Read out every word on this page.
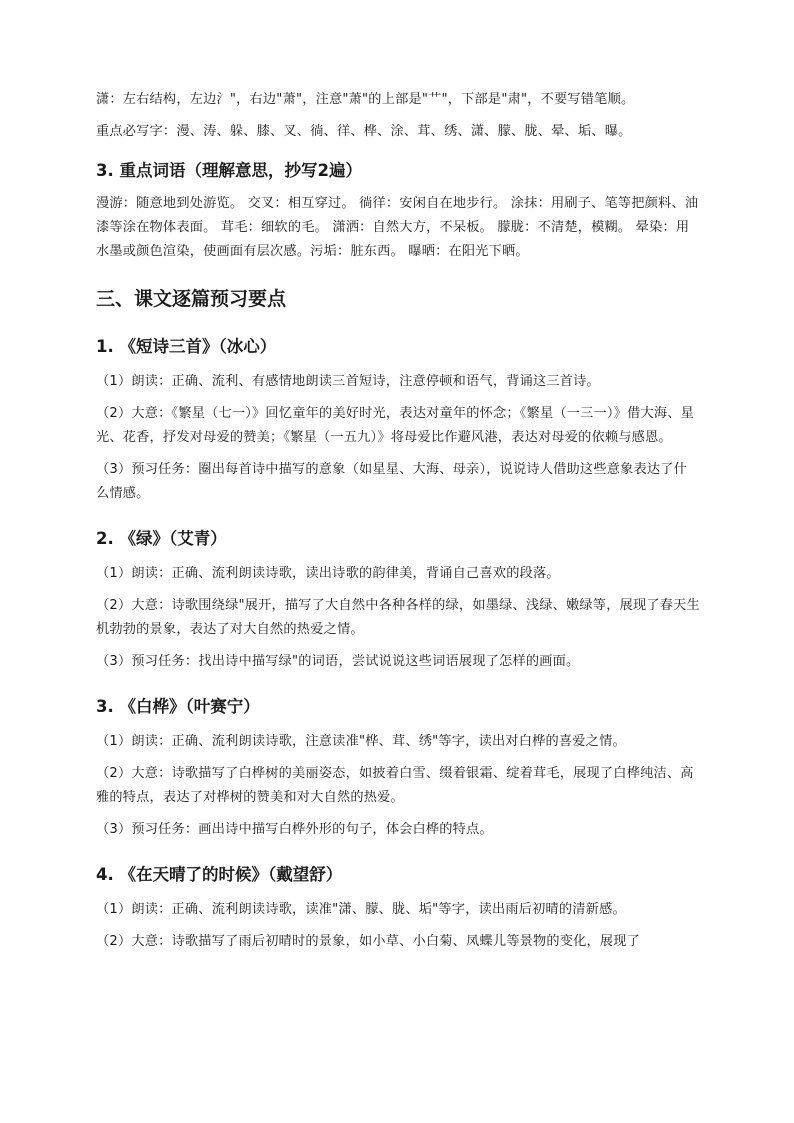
潇：左右结构，左边氵"，右边"萧"，注意"萧"的上部是"艹"，下部是"肃"，不要写错笔顺。

重点必写字：漫、涛、躲、膝、叉、徜、徉、桦、涂、茸、绣、潇、朦、胧、晕、垢、曝。

3. 重点词语（理解意思，抄写2遍）

漫游：随意地到处游览。 交叉：相互穿过。 徜徉：安闲自在地步行。 涂抹：用刷子、笔等把颜料、油漆等涂在物体表面。 茸毛：细软的毛。 潇洒：自然大方，不呆板。 朦胧：不清楚，模糊。 晕染：用水墨或颜色渲染，使画面有层次感。污垢：脏东西。 曝晒：在阳光下晒。

三、课文逐篇预习要点
1. 《短诗三首》（冰心）

（1）朗读：正确、流利、有感情地朗读三首短诗，注意停顿和语气，背诵这三首诗。

（2）大意：《繁星（七一）》回忆童年的美好时光，表达对童年的怀念；《繁星（一三一）》借大海、星光、花香，抒发对母爱的赞美；《繁星（一五九）》将母爱比作避风港，表达对母爱的依赖与感恩。

（3）预习任务：圈出每首诗中描写的意象（如星星、大海、母亲），说说诗人借助这些意象表达了什么情感。

2. 《绿》（艾青）

（1）朗读：正确、流利朗读诗歌，读出诗歌的韵律美，背诵自己喜欢的段落。

（2）大意：诗歌围绕绿"展开，描写了大自然中各种各样的绿，如墨绿、浅绿、嫩绿等，展现了春天生机勃勃的景象，表达了对大自然的热爱之情。

（3）预习任务：找出诗中描写绿"的词语，尝试说说这些词语展现了怎样的画面。

3. 《白桦》（叶赛宁）

（1）朗读：正确、流利朗读诗歌，注意读准"桦、茸、绣"等字，读出对白桦的喜爱之情。

（2）大意：诗歌描写了白桦树的美丽姿态，如披着白雪、缀着银霜、绽着茸毛，展现了白桦纯洁、高雅的特点，表达了对桦树的赞美和对大自然的热爱。

（3）预习任务：画出诗中描写白桦外形的句子，体会白桦的特点。

4. 《在天晴了的时候》（戴望舒）

（1）朗读：正确、流利朗读诗歌，读准"潇、朦、胧、垢"等字，读出雨后初晴的清新感。

（2）大意：诗歌描写了雨后初晴时的景象，如小草、小白菊、凤蝶儿等景物的变化，展现了
